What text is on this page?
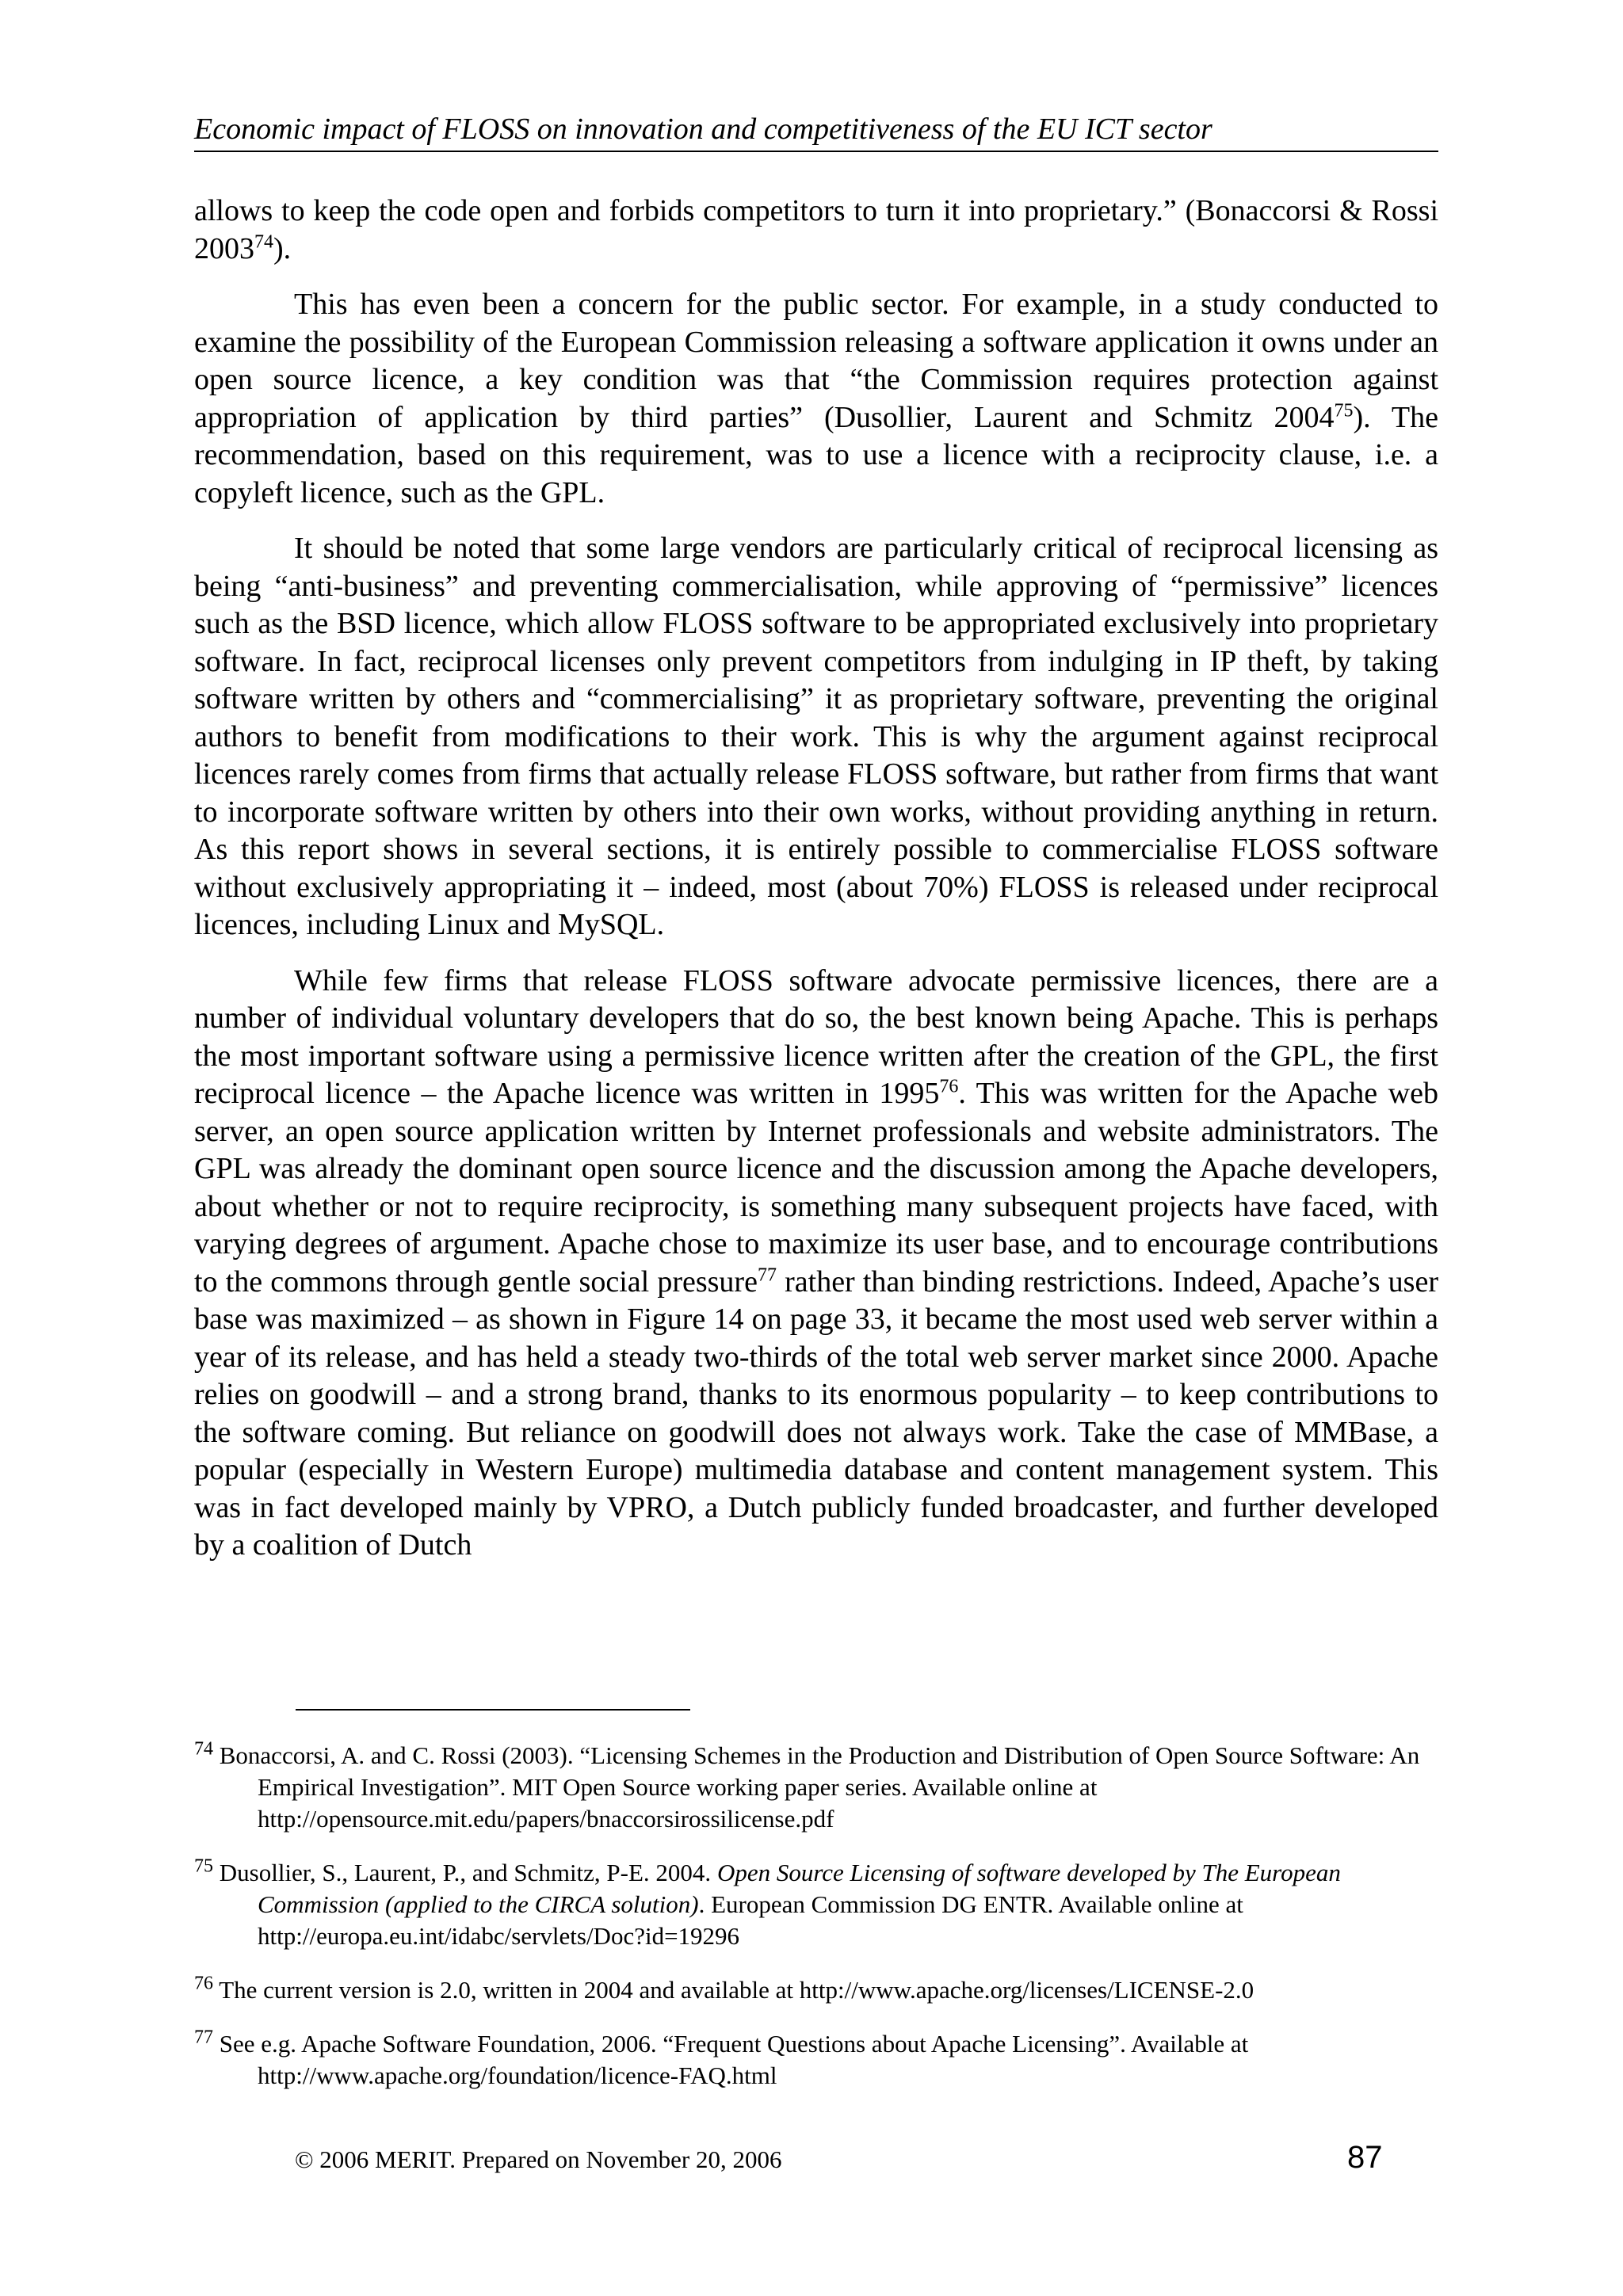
Economic impact of FLOSS on innovation and competitiveness of the EU ICT sector

allows to keep the code open and forbids competitors to turn it into proprietary.” (Bonaccorsi & Rossi 2003$^{74}$).

This has even been a concern for the public sector. For example, in a study conducted to examine the possibility of the European Commission releasing a software application it owns under an open source licence, a key condition was that “the Commission requires protection against appropriation of application by third parties” (Dusollier, Laurent and Schmitz 2004$^{75}$). The recommendation, based on this requirement, was to use a licence with a reciprocity clause, i.e. a copyleft licence, such as the GPL.

It should be noted that some large vendors are particularly critical of reciprocal licensing as being “anti-business” and preventing commercialisation, while approving of “permissive” licences such as the BSD licence, which allow FLOSS software to be appropriated exclusively into proprietary software. In fact, reciprocal licenses only prevent competitors from indulging in IP theft, by taking software written by others and “commercialising” it as proprietary software, preventing the original authors to benefit from modifications to their work. This is why the argument against reciprocal licences rarely comes from firms that actually release FLOSS software, but rather from firms that want to incorporate software written by others into their own works, without providing anything in return. As this report shows in several sections, it is entirely possible to commercialise FLOSS software without exclusively appropriating it – indeed, most (about 70%) FLOSS is released under reciprocal licences, including Linux and MySQL.

While few firms that release FLOSS software advocate permissive licences, there are a number of individual voluntary developers that do so, the best known being Apache. This is perhaps the most important software using a permissive licence written after the creation of the GPL, the first reciprocal licence – the Apache licence was written in 1995$^{76}$. This was written for the Apache web server, an open source application written by Internet professionals and website administrators. The GPL was already the dominant open source licence and the discussion among the Apache developers, about whether or not to require reciprocity, is something many subsequent projects have faced, with varying degrees of argument. Apache chose to maximize its user base, and to encourage contributions to the commons through gentle social pressure$^{77}$ rather than binding restrictions. Indeed, Apache’s user base was maximized – as shown in Figure 14 on page 33, it became the most used web server within a year of its release, and has held a steady two-thirds of the total web server market since 2000. Apache relies on goodwill – and a strong brand, thanks to its enormous popularity – to keep contributions to the software coming. But reliance on goodwill does not always work. Take the case of MMBase, a popular (especially in Western Europe) multimedia database and content management system. This was in fact developed mainly by VPRO, a Dutch publicly funded broadcaster, and further developed by a coalition of Dutch

$^{74}$ Bonaccorsi, A. and C. Rossi (2003). “Licensing Schemes in the Production and Distribution of Open Source Software: An Empirical Investigation”. MIT Open Source working paper series. Available online at http://opensource.mit.edu/papers/bnaccorsirossilicense.pdf

$^{75}$ Dusollier, S., Laurent, P., and Schmitz, P-E. 2004. Open Source Licensing of software developed by The European Commission (applied to the CIRCA solution). European Commission DG ENTR. Available online at http://europa.eu.int/idabc/servlets/Doc?id=19296

$^{76}$ The current version is 2.0, written in 2004 and available at http://www.apache.org/licenses/LICENSE-2.0

$^{77}$ See e.g. Apache Software Foundation, 2006. “Frequent Questions about Apache Licensing”. Available at http://www.apache.org/foundation/licence-FAQ.html

© 2006 MERIT. Prepared on November 20, 2006	87
